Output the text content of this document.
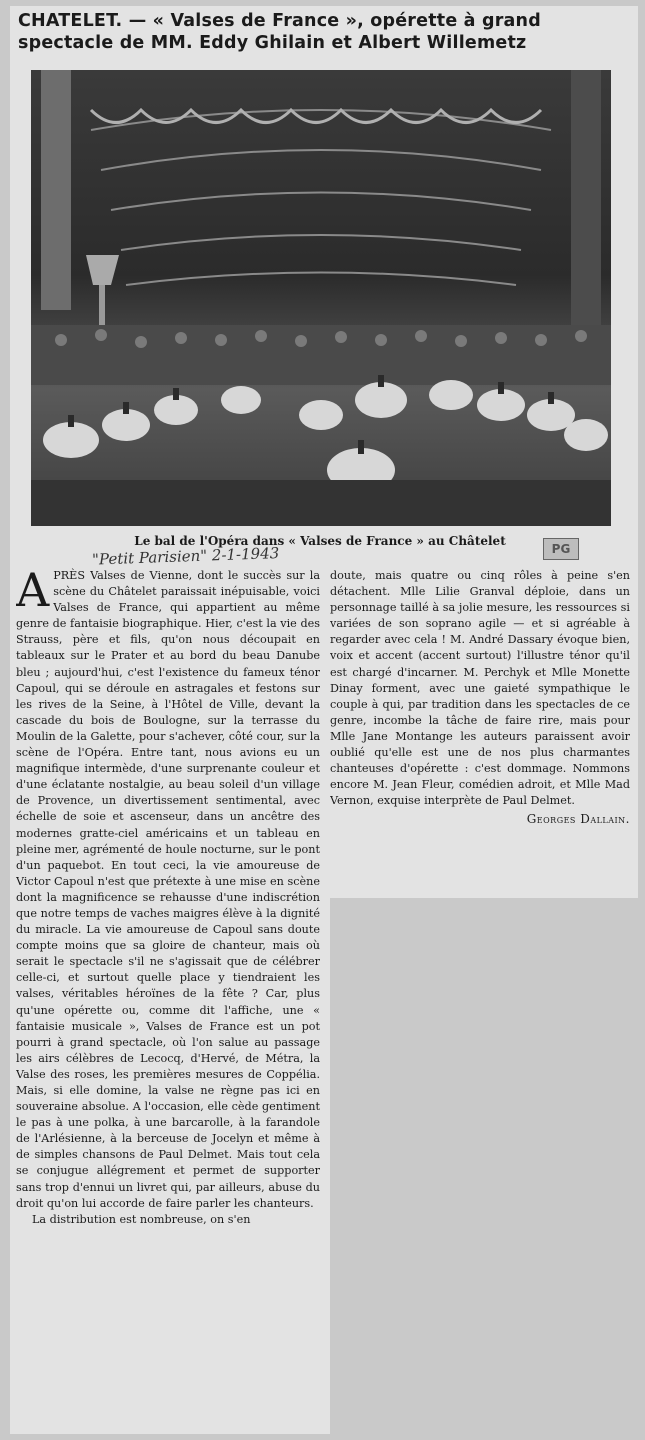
CHATELET. — « Valses de France », opérette à grand
spectacle de MM. Eddy Ghilain et Albert Willemetz
Le bal de l'Opéra dans « Valses de France » au Châtelet
"Petit Parisien" 2-1-1943	PG

APRÈS Valses de Vienne, dont le succès sur la scène du Châtelet paraissait inépuisable, voici Valses de France, qui appartient au même genre de fantaisie biographique. Hier, c'est la vie des Strauss, père et fils, qu'on nous découpait en tableaux sur le Prater et au bord du beau Danube bleu ; aujourd'hui, c'est l'existence du fameux ténor Capoul, qui se déroule en astragales et festons sur les rives de la Seine, à l'Hôtel de Ville, devant la cascade du bois de Boulogne, sur la terrasse du Moulin de la Galette, pour s'achever, côté cour, sur la scène de l'Opéra. Entre tant, nous avions eu un magnifique intermède, d'une surprenante couleur et d'une éclatante nostalgie, au beau soleil d'un village de Provence, un divertissement sentimental, avec échelle de soie et ascenseur, dans un ancêtre des modernes gratte-ciel américains et un tableau en pleine mer, agrémenté de houle nocturne, sur le pont d'un paquebot. En tout ceci, la vie amoureuse de Victor Capoul n'est que prétexte à une mise en scène dont la magnificence se rehausse d'une indiscrétion que notre temps de vaches maigres élève à la dignité du miracle. La vie amoureuse de Capoul sans doute compte moins que sa gloire de chanteur, mais où serait le spectacle s'il ne s'agissait que de célébrer celle-ci, et surtout quelle place y tiendraient les valses, véritables héroïnes de la fête ? Car, plus qu'une opérette ou, comme dit l'affiche, une « fantaisie musicale », Valses de France est un pot pourri à grand spectacle, où l'on salue au passage les airs célèbres de Lecocq, d'Hervé, de Métra, la Valse des roses, les premières mesures de Coppélia. Mais, si elle domine, la valse ne règne pas ici en souveraine absolue. A l'occasion, elle cède gentiment le pas à une polka, à une barcarolle, à la farandole de l'Arlésienne, à la berceuse de Jocelyn et même à de simples chansons de Paul Delmet. Mais tout cela se conjugue allégrement et permet de supporter sans trop d'ennui un livret qui, par ailleurs, abuse du droit qu'on lui accorde de faire parler les chanteurs.

La distribution est nombreuse, on s'en

doute, mais quatre ou cinq rôles à peine s'en détachent. Mlle Lilie Granval déploie, dans un personnage taillé à sa jolie mesure, les ressources si variées de son soprano agile — et si agréable à regarder avec cela ! M. André Dassary évoque bien, voix et accent (accent surtout) l'illustre ténor qu'il est chargé d'incarner. M. Perchyk et Mlle Monette Dinay forment, avec une gaieté sympathique le couple à qui, par tradition dans les spectacles de ce genre, incombe la tâche de faire rire, mais pour Mlle Jane Montange les auteurs paraissent avoir oublié qu'elle est une de nos plus charmantes chanteuses d'opérette : c'est dommage. Nommons encore M. Jean Fleur, comédien adroit, et Mlle Mad Vernon, exquise interprète de Paul Delmet.

Georges Dallain.
